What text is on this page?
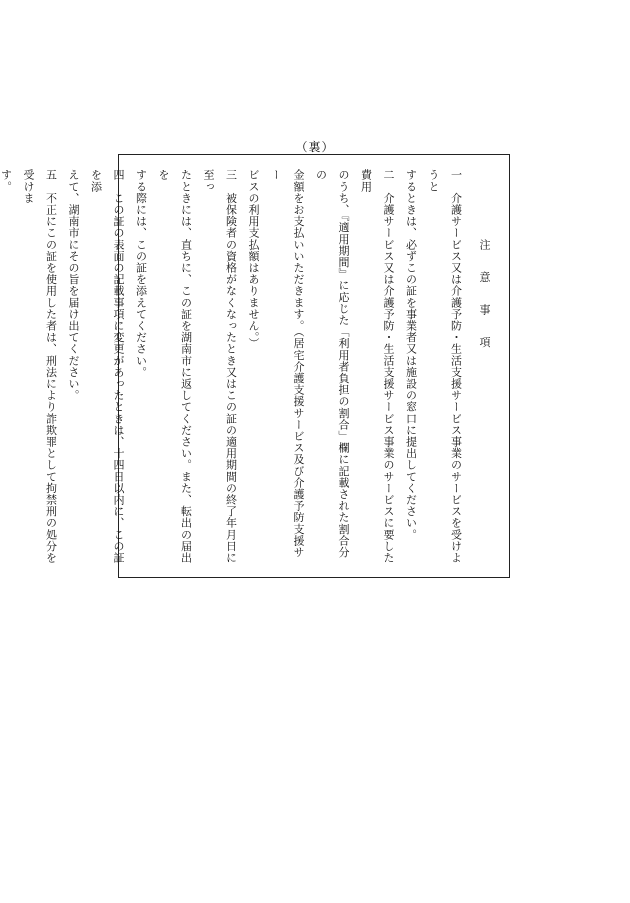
（裏）
注 意 事 項
一　介護サービス又は介護予防・生活支援サービス事業のサービスを受けようと
するときは、必ずこの証を事業者又は施設の窓口に提出してください。
二　介護サービス又は介護予防・生活支援サービス事業のサービスに要した費用
のうち、『適用期間』に応じた「利用者負担の割合」欄に記載された割合分の
金額をお支払いいただきます。（居宅介護支援サービス及び介護予防支援サー
ビスの利用支払額はありません。）
三　被保険者の資格がなくなったとき又はこの証の適用期間の終了年月日に至っ
たときには、直ちに、この証を湖南市に返してください。また、転出の届出を
する際には、この証を添えてください。
四　この証の表面の記載事項に変更があったときは、十四日以内に、この証を添
えて、湖南市にその旨を届け出てください。
五　不正にこの証を使用した者は、刑法により詐欺罪として拘禁刑の処分を受けま
す。
